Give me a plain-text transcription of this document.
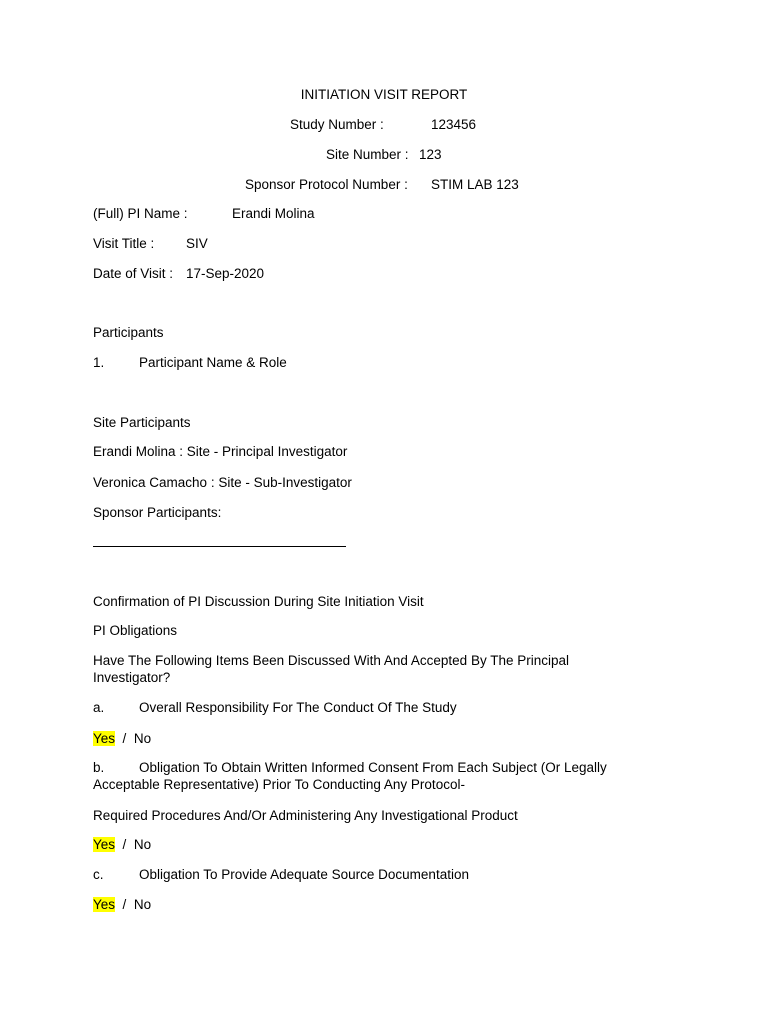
INITIATION VISIT REPORT
Study Number :	123456
Site Number : 123
Sponsor Protocol Number : STIM LAB 123
(Full) PI Name :	Erandi Molina
Visit Title : SIV
Date of Visit : 17-Sep-2020
Participants
1.	Participant Name & Role
Site Participants
Erandi Molina : Site - Principal Investigator
Veronica Camacho : Site - Sub-Investigator
Sponsor Participants:
Confirmation of PI Discussion During Site Initiation Visit
PI Obligations
Have The Following Items Been Discussed With And Accepted By The Principal
Investigator?
a.	Overall Responsibility For The Conduct Of The Study
Yes / No
b.	Obligation To Obtain Written Informed Consent From Each Subject (Or Legally
Acceptable Representative) Prior To Conducting Any Protocol-
Required Procedures And/Or Administering Any Investigational Product
Yes / No
c.	Obligation To Provide Adequate Source Documentation
Yes / No
